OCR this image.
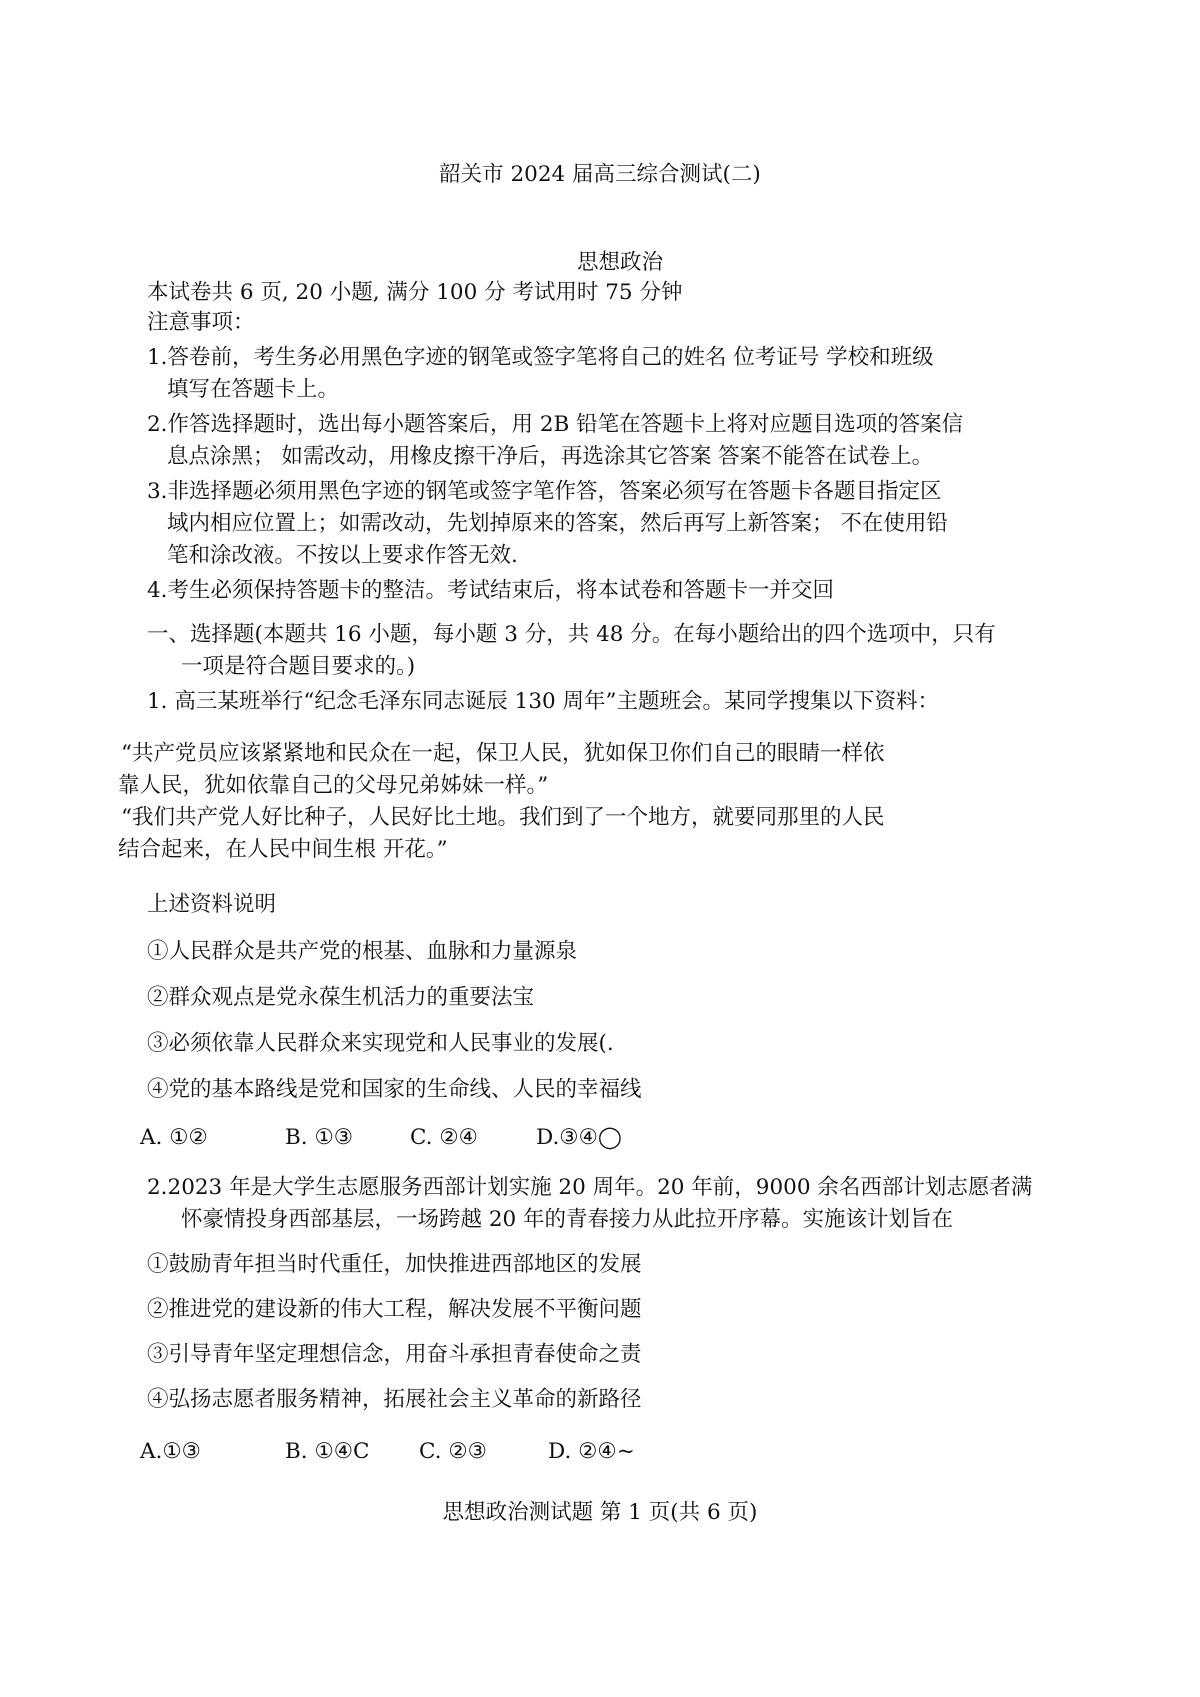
韶关市 2024 届高三综合测试(二)
思想政治
本试卷共 6 页, 20 小题, 满分 100 分 考试用时 75 分钟
注意事项：
1.答卷前，考生务必用黑色字迹的钢笔或签字笔将自己的姓名 位考证号 学校和班级
填写在答题卡上。
2.作答选择题时，选出每小题答案后，用 2B 铅笔在答题卡上将对应题目选项的答案信
息点涂黑； 如需改动，用橡皮擦干净后，再选涂其它答案 答案不能答在试卷上。
3.非选择题必须用黑色字迹的钢笔或签字笔作答，答案必须写在答题卡各题目指定区
域内相应位置上；如需改动，先划掉原来的答案，然后再写上新答案； 不在使用铅
笔和涂改液。不按以上要求作答无效.
4.考生必须保持答题卡的整洁。考试结束后，将本试卷和答题卡一并交回
一、选择题(本题共 16 小题，每小题 3 分，共 48 分。在每小题给出的四个选项中，只有
一项是符合题目要求的。)
1. 高三某班举行“纪念毛泽东同志诞辰 130 周年”主题班会。某同学搜集以下资料：
“共产党员应该紧紧地和民众在一起，保卫人民，犹如保卫你们自己的眼睛一样依
靠人民，犹如依靠自己的父母兄弟姊妹一样。”
“我们共产党人好比种子，人民好比土地。我们到了一个地方，就要同那里的人民
结合起来，在人民中间生根 开花。”
上述资料说明
①人民群众是共产党的根基、血脉和力量源泉
②群众观点是党永葆生机活力的重要法宝
③必须依靠人民群众来实现党和人民事业的发展(.
④党的基本路线是党和国家的生命线、人民的幸福线
A. ①②	B. ①③	C. ②④	D.③④◯
2.2023 年是大学生志愿服务西部计划实施 20 周年。20 年前，9000 余名西部计划志愿者满
怀豪情投身西部基层，一场跨越 20 年的青春接力从此拉开序幕。实施该计划旨在
①鼓励青年担当时代重任，加快推进西部地区的发展
②推进党的建设新的伟大工程，解决发展不平衡问题
③引导青年坚定理想信念，用奋斗承担青春使命之责
④弘扬志愿者服务精神，拓展社会主义革命的新路径
A.①③	B. ①④C C. ②③	D. ②④~
思想政治测试题 第 1 页(共 6 页)
